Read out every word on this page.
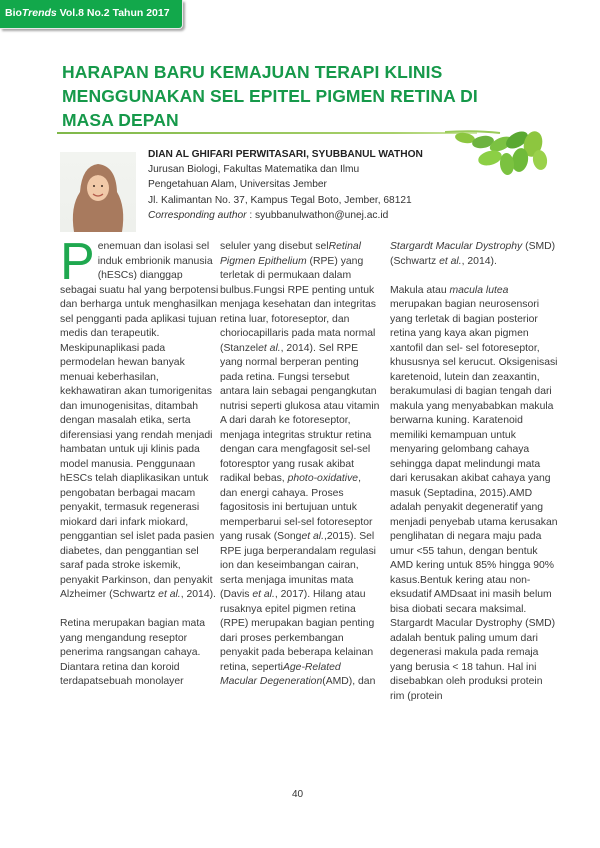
BioTrends Vol.8 No.2 Tahun 2017
HARAPAN BARU KEMAJUAN TERAPI KLINIS MENGGUNAKAN SEL EPITEL PIGMEN RETINA DI MASA DEPAN
DIAN AL GHIFARI PERWITASARI, SYUBBANUL WATHON
Jurusan Biologi, Fakultas Matematika dan Ilmu
Pengetahuan Alam, Universitas Jember
Jl. Kalimantan No. 37, Kampus Tegal Boto, Jember, 68121
Corresponding author : syubbanulwathon@unej.ac.id

Penemuan dan isolasi sel induk embrionik manusia (hESCs) dianggap sebagai suatu hal yang berpotensi dan berharga untuk menghasilkan sel pengganti pada aplikasi tujuan medis dan terapeutik. Meskipunaplikasi pada permodelan hewan banyak menuai keberhasilan, kekhawatiran akan tumorigenitas dan imunogenisitas, ditambah dengan masalah etika, serta diferensiasi yang rendah menjadi hambatan untuk uji klinis pada model manusia. Penggunaan hESCs telah diaplikasikan untuk pengobatan berbagai macam penyakit, termasuk regenerasi miokard dari infark miokard, penggantian sel islet pada pasien diabetes, dan penggantian sel saraf pada stroke iskemik, penyakit Parkinson, dan penyakit Alzheimer (Schwartz et al., 2014).

Retina merupakan bagian mata yang mengandung reseptor penerima rangsangan cahaya. Diantara retina dan koroid terdapatsebuah monolayer

seluler yang disebut selRetinal Pigmen Epithelium (RPE) yang terletak di permukaan dalam bulbus.Fungsi RPE penting untuk menjaga kesehatan dan integritas retina luar, fotoreseptor, dan choriocapillaris pada mata normal (Stanzelet al., 2014). Sel RPE yang normal berperan penting pada retina. Fungsi tersebut antara lain sebagai pengangkutan nutrisi seperti glukosa atau vitamin A dari darah ke fotoreseptor, menjaga integritas struktur retina dengan cara mengfagosit sel-sel fotoresptor yang rusak akibat radikal bebas, photo-oxidative, dan energi cahaya. Proses fagositosis ini bertujuan untuk memperbarui sel-sel fotoreseptor yang rusak (Songet al.,2015). Sel RPE juga berperandalam regulasi ion dan keseimbangan cairan, serta menjaga imunitas mata (Davis et al., 2017). Hilang atau rusaknya epitel pigmen retina (RPE) merupakan bagian penting dari proses perkembangan penyakit pada beberapa kelainan retina, sepertiAge-Related Macular Degeneration(AMD), dan

Stargardt Macular Dystrophy (SMD) (Schwartz et al., 2014).

Makula atau macula lutea merupakan bagian neurosensori yang terletak di bagian posterior retina yang kaya akan pigmen xantofil dan sel- sel fotoreseptor, khususnya sel kerucut. Oksigenisasi karetenoid, lutein dan zeaxantin, berakumulasi di bagian tengah dari makula yang menyababkan makula berwarna kuning. Karatenoid memiliki kemampuan untuk menyaring gelombang cahaya sehingga dapat melindungi mata dari kerusakan akibat cahaya yang masuk (Septadina, 2015).AMD adalah penyakit degeneratif yang menjadi penyebab utama kerusakan penglihatan di negara maju pada umur <55 tahun, dengan bentuk AMD kering untuk 85% hingga 90% kasus.Bentuk kering atau non-eksudatif AMDsaat ini masih belum bisa diobati secara maksimal. Stargardt Macular Dystrophy (SMD) adalah bentuk paling umum dari degenerasi makula pada remaja yang berusia < 18 tahun. Hal ini disebabkan oleh produksi protein rim (protein

40
